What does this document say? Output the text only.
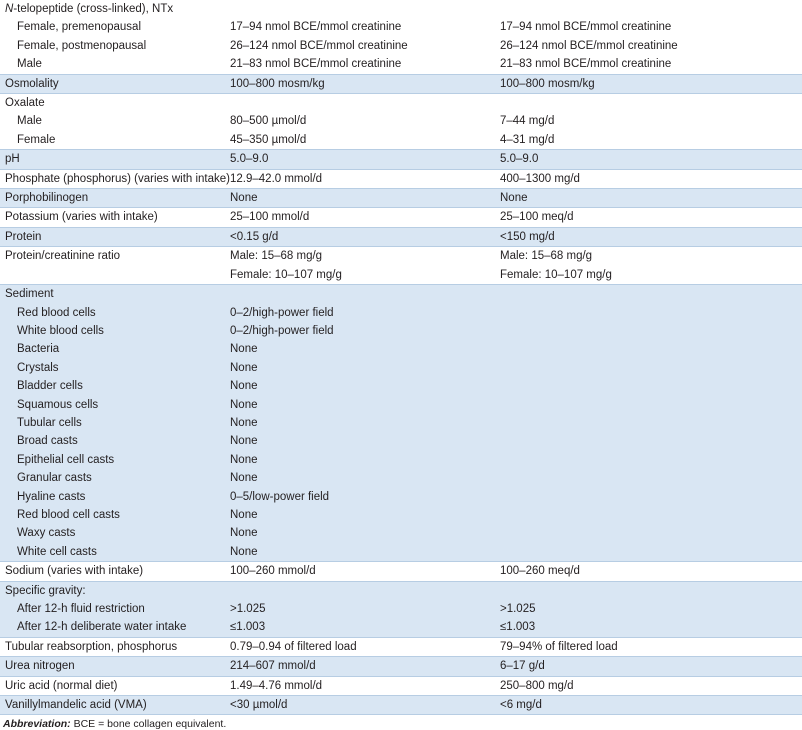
N-telopeptide (cross-linked), NTx		
Female, premenopausal	17–94 nmol BCE/mmol creatinine	17–94 nmol BCE/mmol creatinine
Female, postmenopausal	26–124 nmol BCE/mmol creatinine	26–124 nmol BCE/mmol creatinine
Male	21–83 nmol BCE/mmol creatinine	21–83 nmol BCE/mmol creatinine
Osmolality	100–800 mosm/kg	100–800 mosm/kg
Oxalate		
Male	80–500 µmol/d	7–44 mg/d
Female	45–350 µmol/d	4–31 mg/d
pH	5.0–9.0	5.0–9.0
Phosphate (phosphorus) (varies with intake)	12.9–42.0 mmol/d	400–1300 mg/d
Porphobilinogen	None	None
Potassium (varies with intake)	25–100 mmol/d	25–100 meq/d
Protein	<0.15 g/d	<150 mg/d
Protein/creatinine ratio	Male: 15–68 mg/g	Male: 15–68 mg/g
	Female: 10–107 mg/g	Female: 10–107 mg/g
Sediment		
Red blood cells	0–2/high-power field	
White blood cells	0–2/high-power field	
Bacteria	None	
Crystals	None	
Bladder cells	None	
Squamous cells	None	
Tubular cells	None	
Broad casts	None	
Epithelial cell casts	None	
Granular casts	None	
Hyaline casts	0–5/low-power field	
Red blood cell casts	None	
Waxy casts	None	
White cell casts	None	
Sodium (varies with intake)	100–260 mmol/d	100–260 meq/d
Specific gravity:		
After 12-h fluid restriction	>1.025	>1.025
After 12-h deliberate water intake	≤1.003	≤1.003
Tubular reabsorption, phosphorus	0.79–0.94 of filtered load	79–94% of filtered load
Urea nitrogen	214–607 mmol/d	6–17 g/d
Uric acid (normal diet)	1.49–4.76 mmol/d	250–800 mg/d
Vanillylmandelic acid (VMA)	<30 µmol/d	<6 mg/d
Abbreviation: BCE = bone collagen equivalent.
